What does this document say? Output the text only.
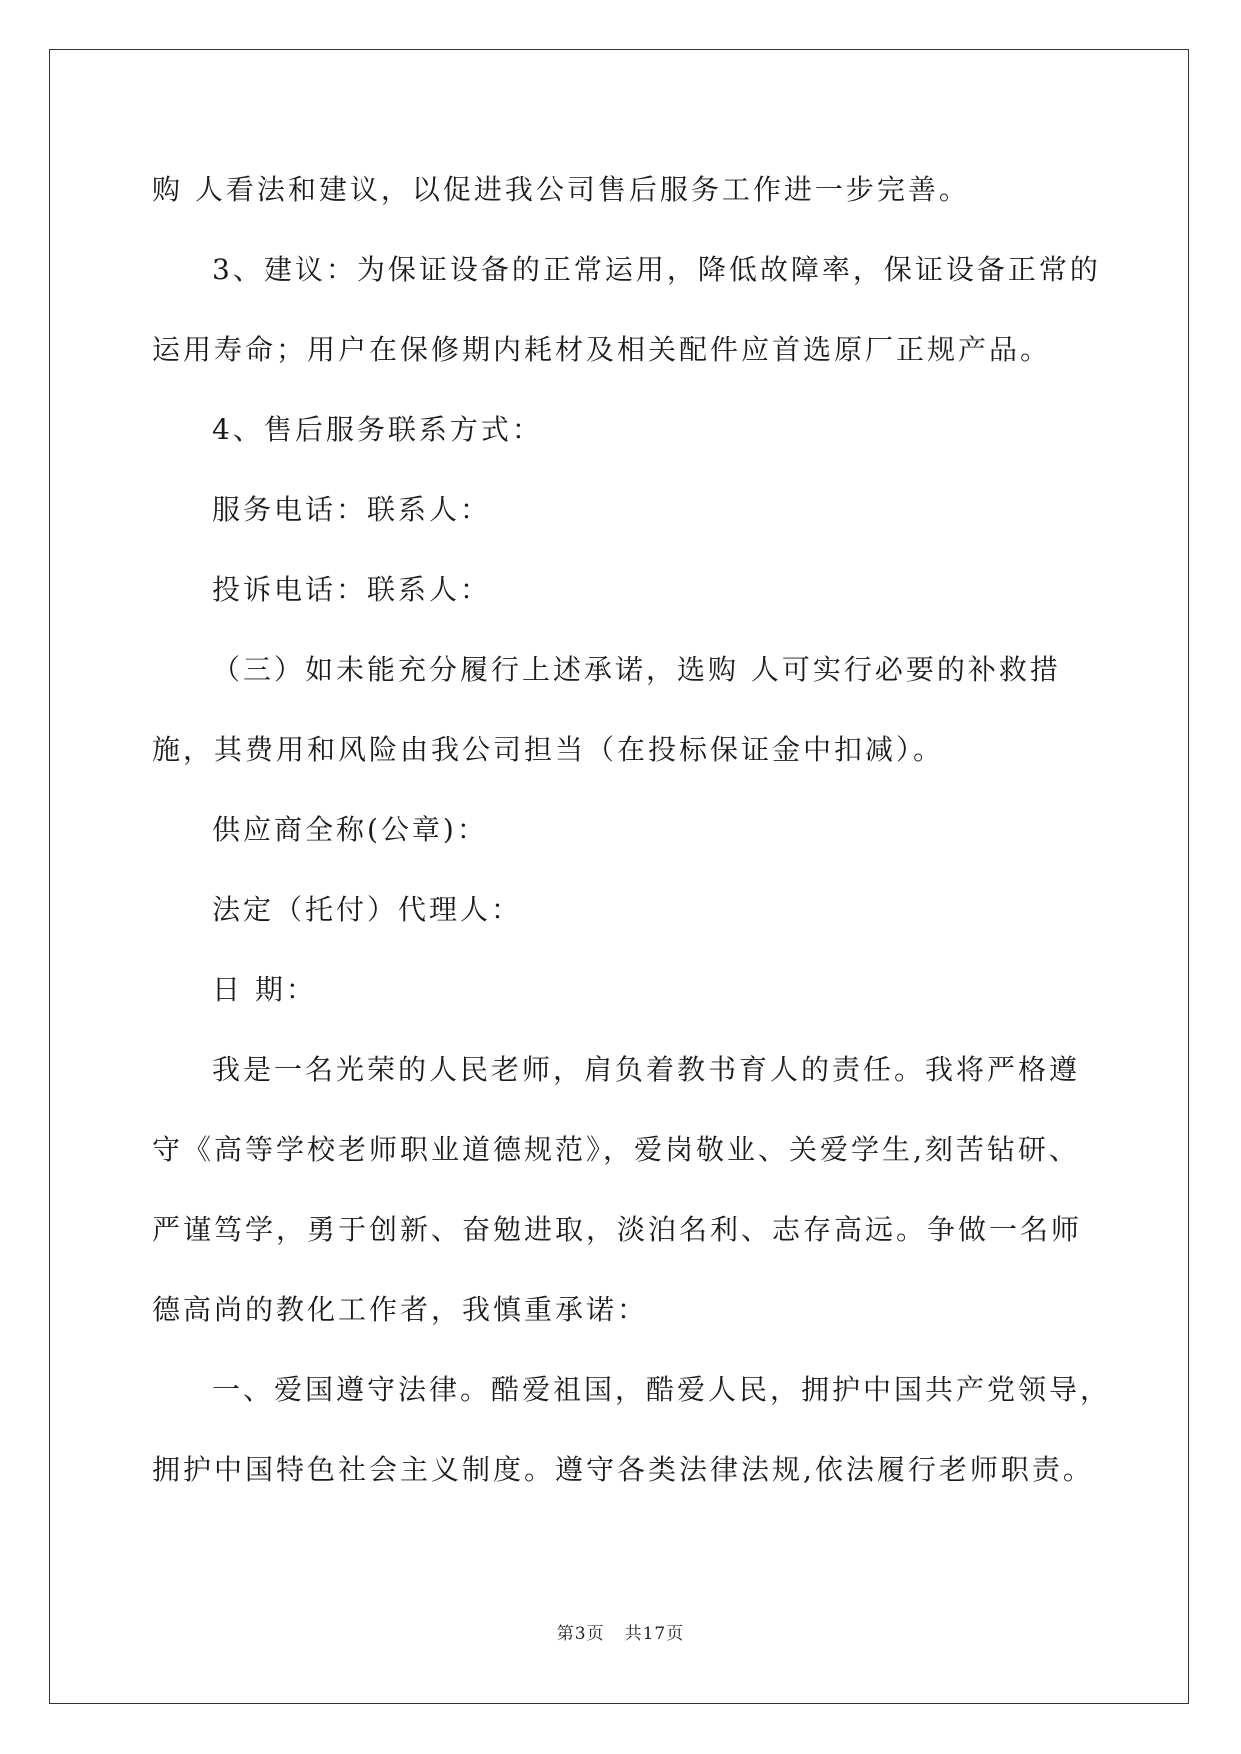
购 人看法和建议，以促进我公司售后服务工作进一步完善。
3、建议：为保证设备的正常运用，降低故障率，保证设备正常的
运用寿命；用户在保修期内耗材及相关配件应首选原厂正规产品。
4、售后服务联系方式：
服务电话：联系人：
投诉电话：联系人：
（三）如未能充分履行上述承诺，选购 人可实行必要的补救措
施，其费用和风险由我公司担当（在投标保证金中扣减）。
供应商全称(公章)：
法定（托付）代理人：
日 期：
我是一名光荣的人民老师，肩负着教书育人的责任。我将严格遵
守《高等学校老师职业道德规范》，爱岗敬业、关爱学生,刻苦钻研、
严谨笃学，勇于创新、奋勉进取，淡泊名利、志存高远。争做一名师
德高尚的教化工作者，我慎重承诺：
一、爱国遵守法律。酷爱祖国，酷爱人民，拥护中国共产党领导，
拥护中国特色社会主义制度。遵守各类法律法规,依法履行老师职责。
第3页 共17页
